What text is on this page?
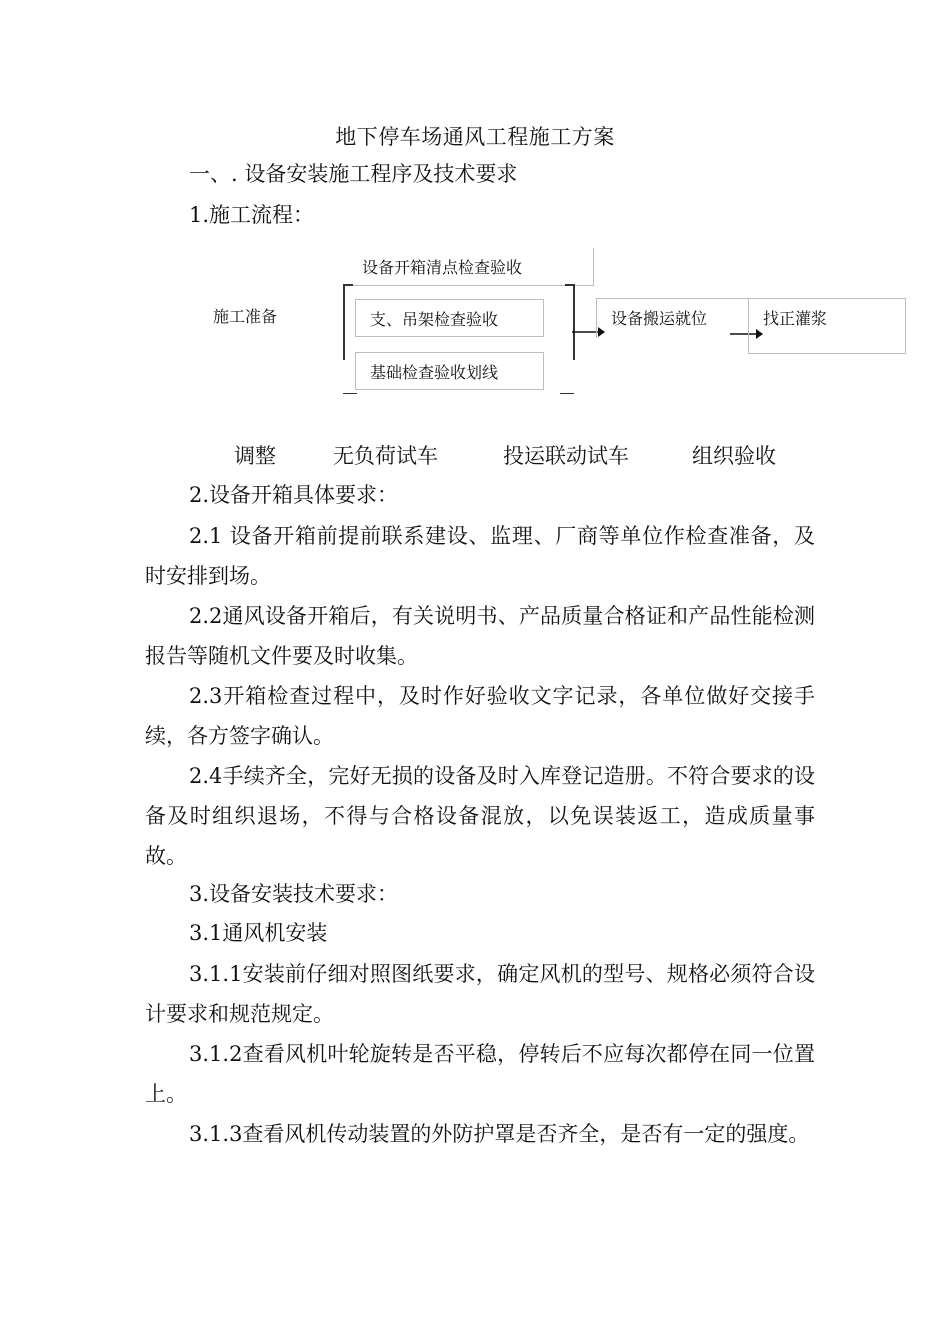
地下停车场通风工程施工方案
一、. 设备安装施工程序及技术要求
1.施工流程：
施工准备
设备开箱清点检查验收
支、吊架检查验收
基础检查验收划线
设备搬运就位	找正灌浆
调整	无负荷试车	投运联动试车	组织验收
2.设备开箱具体要求：
2.1 设备开箱前提前联系建设、监理、厂商等单位作检查准备，及时安排到场。
2.2通风设备开箱后，有关说明书、产品质量合格证和产品性能检测报告等随机文件要及时收集。
2.3开箱检查过程中，及时作好验收文字记录，各单位做好交接手续，各方签字确认。
2.4手续齐全，完好无损的设备及时入库登记造册。不符合要求的设备及时组织退场，不得与合格设备混放，以免误装返工，造成质量事故。
3.设备安装技术要求：
3.1通风机安装
3.1.1安装前仔细对照图纸要求，确定风机的型号、规格必须符合设计要求和规范规定。
3.1.2查看风机叶轮旋转是否平稳，停转后不应每次都停在同一位置上。
3.1.3查看风机传动装置的外防护罩是否齐全，是否有一定的强度。
